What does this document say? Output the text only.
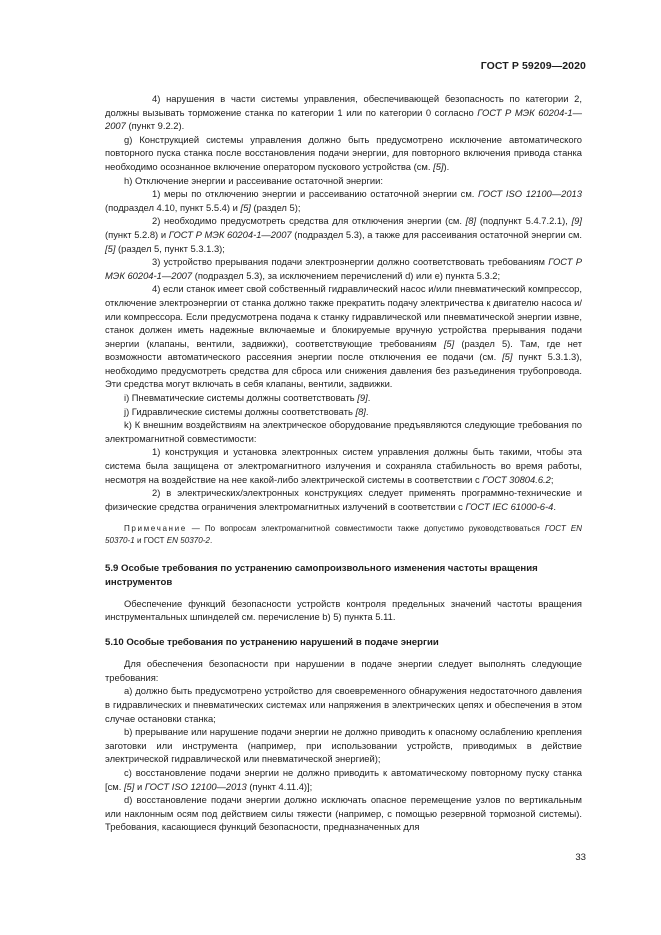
ГОСТ Р 59209—2020

4) нарушения в части системы управления, обеспечивающей безопасность по категории 2, должны вызывать торможение станка по категории 1 или по категории 0 согласно ГОСТ Р МЭК 60204-1—2007 (пункт 9.2.2).

g) Конструкцией системы управления должно быть предусмотрено исключение автоматического повторного пуска станка после восстановления подачи энергии, для повторного включения привода станка необходимо осознанное включение оператором пускового устройства (см. [5]).

h) Отключение энергии и рассеивание остаточной энергии:

1) меры по отключению энергии и рассеиванию остаточной энергии см. ГОСТ ISO 12100—2013 (подраздел 4.10, пункт 5.5.4) и [5] (раздел 5);

2) необходимо предусмотреть средства для отключения энергии (см. [8] (подпункт 5.4.7.2.1), [9] (пункт 5.2.8) и ГОСТ Р МЭК 60204-1—2007 (подраздел 5.3), а также для рассеивания остаточной энергии см. [5] (раздел 5, пункт 5.3.1.3);

3) устройство прерывания подачи электроэнергии должно соответствовать требованиям ГОСТ Р МЭК 60204-1—2007 (подраздел 5.3), за исключением перечислений d) или e) пункта 5.3.2;

4) если станок имеет свой собственный гидравлический насос и/или пневматический компрессор, отключение электроэнергии от станка должно также прекратить подачу электричества к двигателю насоса и/или компрессора. Если предусмотрена подача к станку гидравлической или пневматической энергии извне, станок должен иметь надежные включаемые и блокируемые вручную устройства прерывания подачи энергии (клапаны, вентили, задвижки), соответствующие требованиям [5] (раздел 5). Там, где нет возможности автоматического рассеяния энергии после отключения ее подачи (см. [5] пункт 5.3.1.3), необходимо предусмотреть средства для сброса или снижения давления без разъединения трубопровода. Эти средства могут включать в себя клапаны, вентили, задвижки.

i) Пневматические системы должны соответствовать [9].

j) Гидравлические системы должны соответствовать [8].

k) К внешним воздействиям на электрическое оборудование предъявляются следующие требования по электромагнитной совместимости:

1) конструкция и установка электронных систем управления должны быть такими, чтобы эта система была защищена от электромагнитного излучения и сохраняла стабильность во время работы, несмотря на воздействие на нее какой-либо электрической системы в соответствии с ГОСТ 30804.6.2;

2) в электрических/электронных конструкциях следует применять программно-технические и физические средства ограничения электромагнитных излучений в соответствии с ГОСТ IEC 61000-6-4.

Примечание — По вопросам электромагнитной совместимости также допустимо руководствоваться ГОСТ EN 50370-1 и ГОСТ EN 50370-2.

5.9 Особые требования по устранению самопроизвольного изменения частоты вращения инструментов

Обеспечение функций безопасности устройств контроля предельных значений частоты вращения инструментальных шпинделей см. перечисление b) 5) пункта 5.11.

5.10 Особые требования по устранению нарушений в подаче энергии

Для обеспечения безопасности при нарушении в подаче энергии следует выполнять следующие требования:

а) должно быть предусмотрено устройство для своевременного обнаружения недостаточного давления в гидравлических и пневматических системах или напряжения в электрических цепях и обеспечения в этом случае остановки станка;

b) прерывание или нарушение подачи энергии не должно приводить к опасному ослаблению крепления заготовки или инструмента (например, при использовании устройств, приводимых в действие электрической гидравлической или пневматической энергией);

c) восстановление подачи энергии не должно приводить к автоматическому повторному пуску станка [см. [5] и ГОСТ ISO 12100—2013 (пункт 4.11.4)];

d) восстановление подачи энергии должно исключать опасное перемещение узлов по вертикальным или наклонным осям под действием силы тяжести (например, с помощью резервной тормозной системы). Требования, касающиеся функций безопасности, предназначенных для

33
